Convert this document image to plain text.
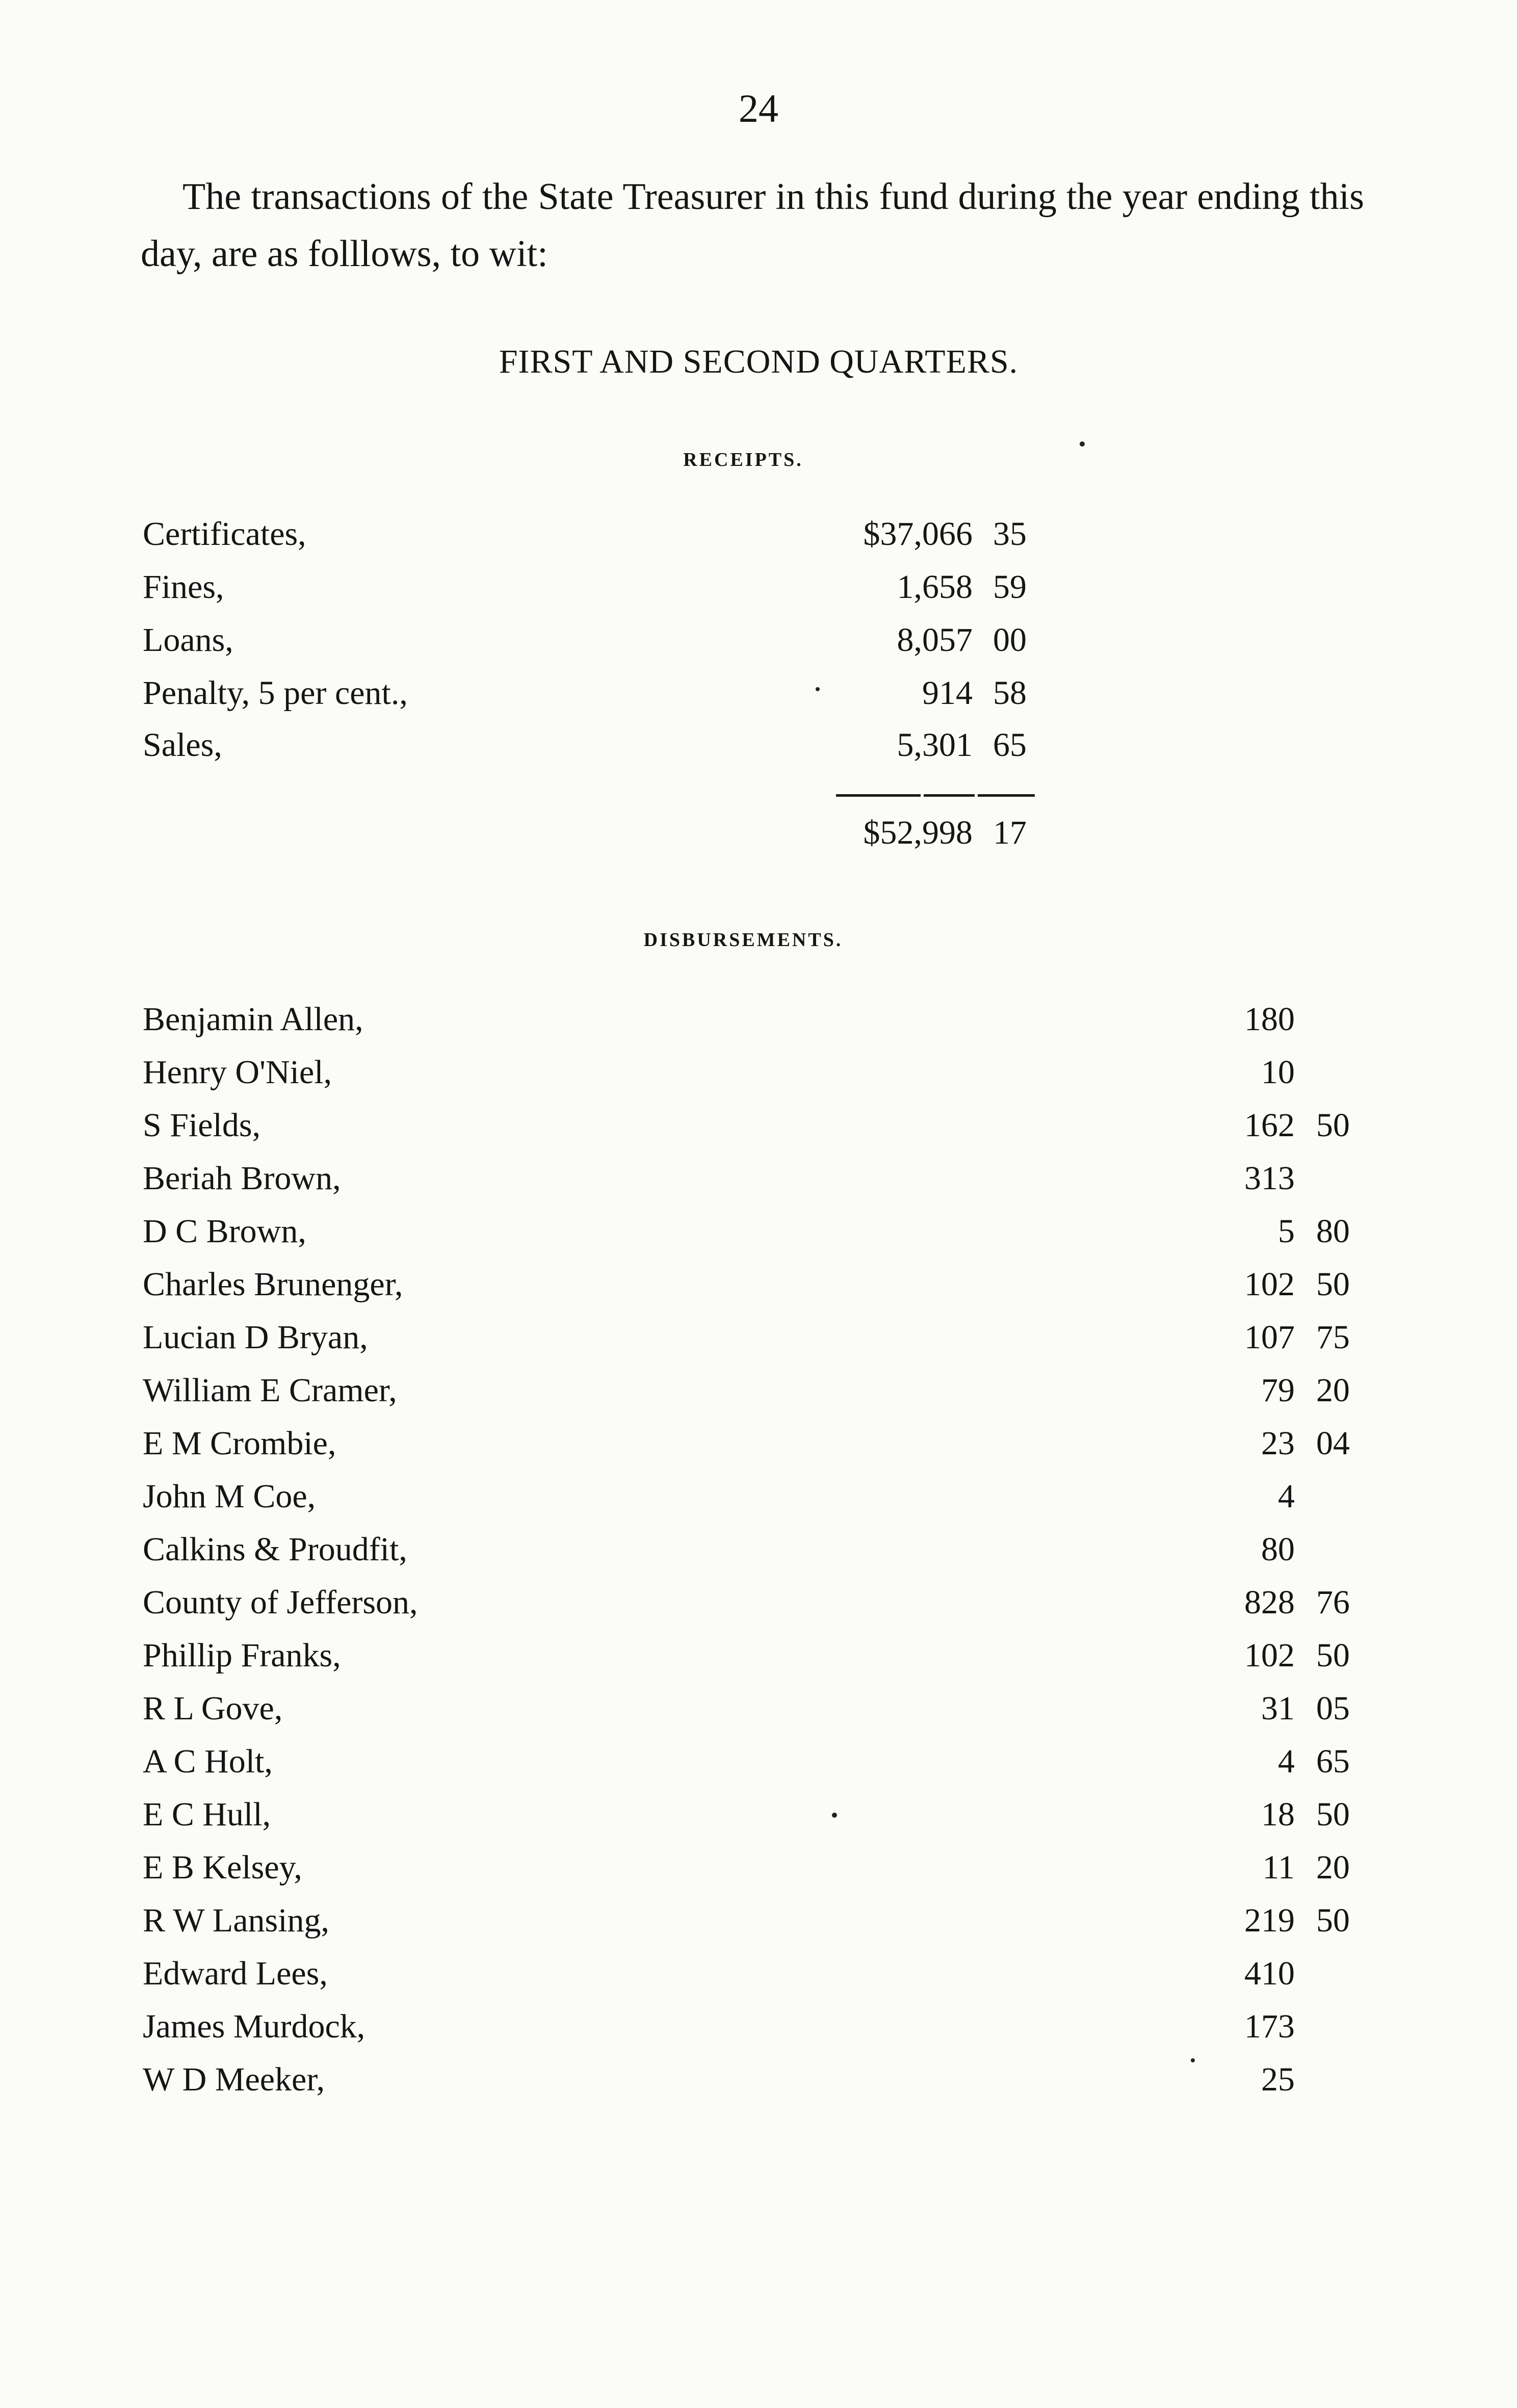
24

The transactions of the State Treasurer in this fund during the year ending this day, are as folllows, to wit:

FIRST AND SECOND QUARTERS.
RECEIPTS.
Certificates,	$37,066 35
Fines,	1,658 59
Loans,	8,057 00
Penalty, 5 per cent.,	914 58
Sales,	5,301 65
$52,998 17
DISBURSEMENTS.
Benjamin Allen,	180
Henry O'Niel,	10
S Fields,	162 50
Beriah Brown,	313
D C Brown,	5 80
Charles Brunenger,	102 50
Lucian D Bryan,	107 75
William E Cramer,	79 20
E M Crombie,	23 04
John M Coe,	4
Calkins & Proudfit,	80
County of Jefferson,	828 76
Phillip Franks,	102 50
R L Gove,	31 05
A C Holt,	4 65
E C Hull,	18 50
E B Kelsey,	11 20
R W Lansing,	219 50
Edward Lees,	410
James Murdock,	173
W D Meeker,	25
